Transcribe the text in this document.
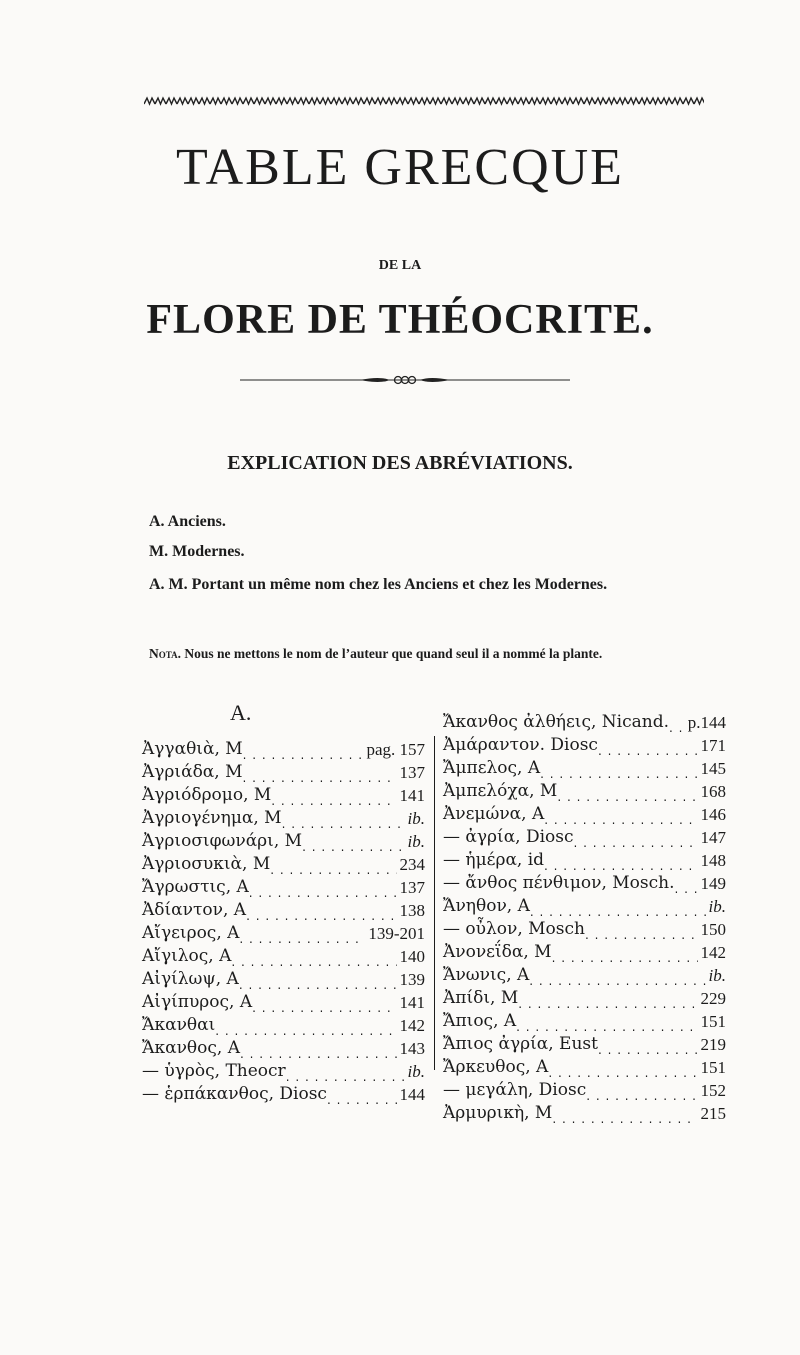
TABLE GRECQUE
DE LA
FLORE DE THÉOCRITE.
EXPLICATION DES ABRÉVIATIONS.
A. Anciens.
M. Modernes.
A. M. Portant un même nom chez les Anciens et chez les Modernes.
Nota. Nous ne mettons le nom de l’auteur que quand seul il a nommé la plante.
A.
Ἀγγαθιὰ, M . . .	pag. 157
Ἀγριάδα, M . . .	137
Ἀγριόδρομο, M . . .	141
Ἀγριογένημα, M . . .	ib.
Ἀγριοσιφωνάρι, M . . .	ib.
Ἀγριοσυκιὰ, M . . .	234
Ἄγρωστις, A . . .	137
Ἀδίαντον, A . . .	138
Αἴγειρος, A . . .	139-201
Αἴγιλος, A . . .	140
Αἰγίλωψ, A . . .	139
Αἰγίπυρος, A . . .	141
Ἄκανθαι . . .	142
Ἄκανθος, A . . .	143
— ὑγρὸς, Theocr . . .	ib.
— ἑρπάκανθος, Diosc . . .	144
Ἄκανθος ἀλθήεις, Nicand. . . . p.144
Ἀμάραντον. Diosc . . .	171
Ἄμπελος, A . . .	145
Ἀμπελόχα, M . . .	168
Ἀνεμώνα, A . . .	146
— ἀγρία, Diosc . . .	147
— ἡμέρα, id . . .	148
— ἄνθος πένθιμον, Mosch. . . . 149
Ἄνηθον, A . . .	ib.
— οὖλον, Mosch . . .	150
Ἀνονεΐδα, M . . .	142
Ἄνωνις, A . . .	ib.
Ἀπίδι, M . . .	229
Ἄπιος, A . . .	151
Ἄπιος ἀγρία, Eust . . .	219
Ἄρκευθος, A . . .	151
— μεγάλη, Diosc . . .	152
Ἀρμυρικὴ, M . . .	215
